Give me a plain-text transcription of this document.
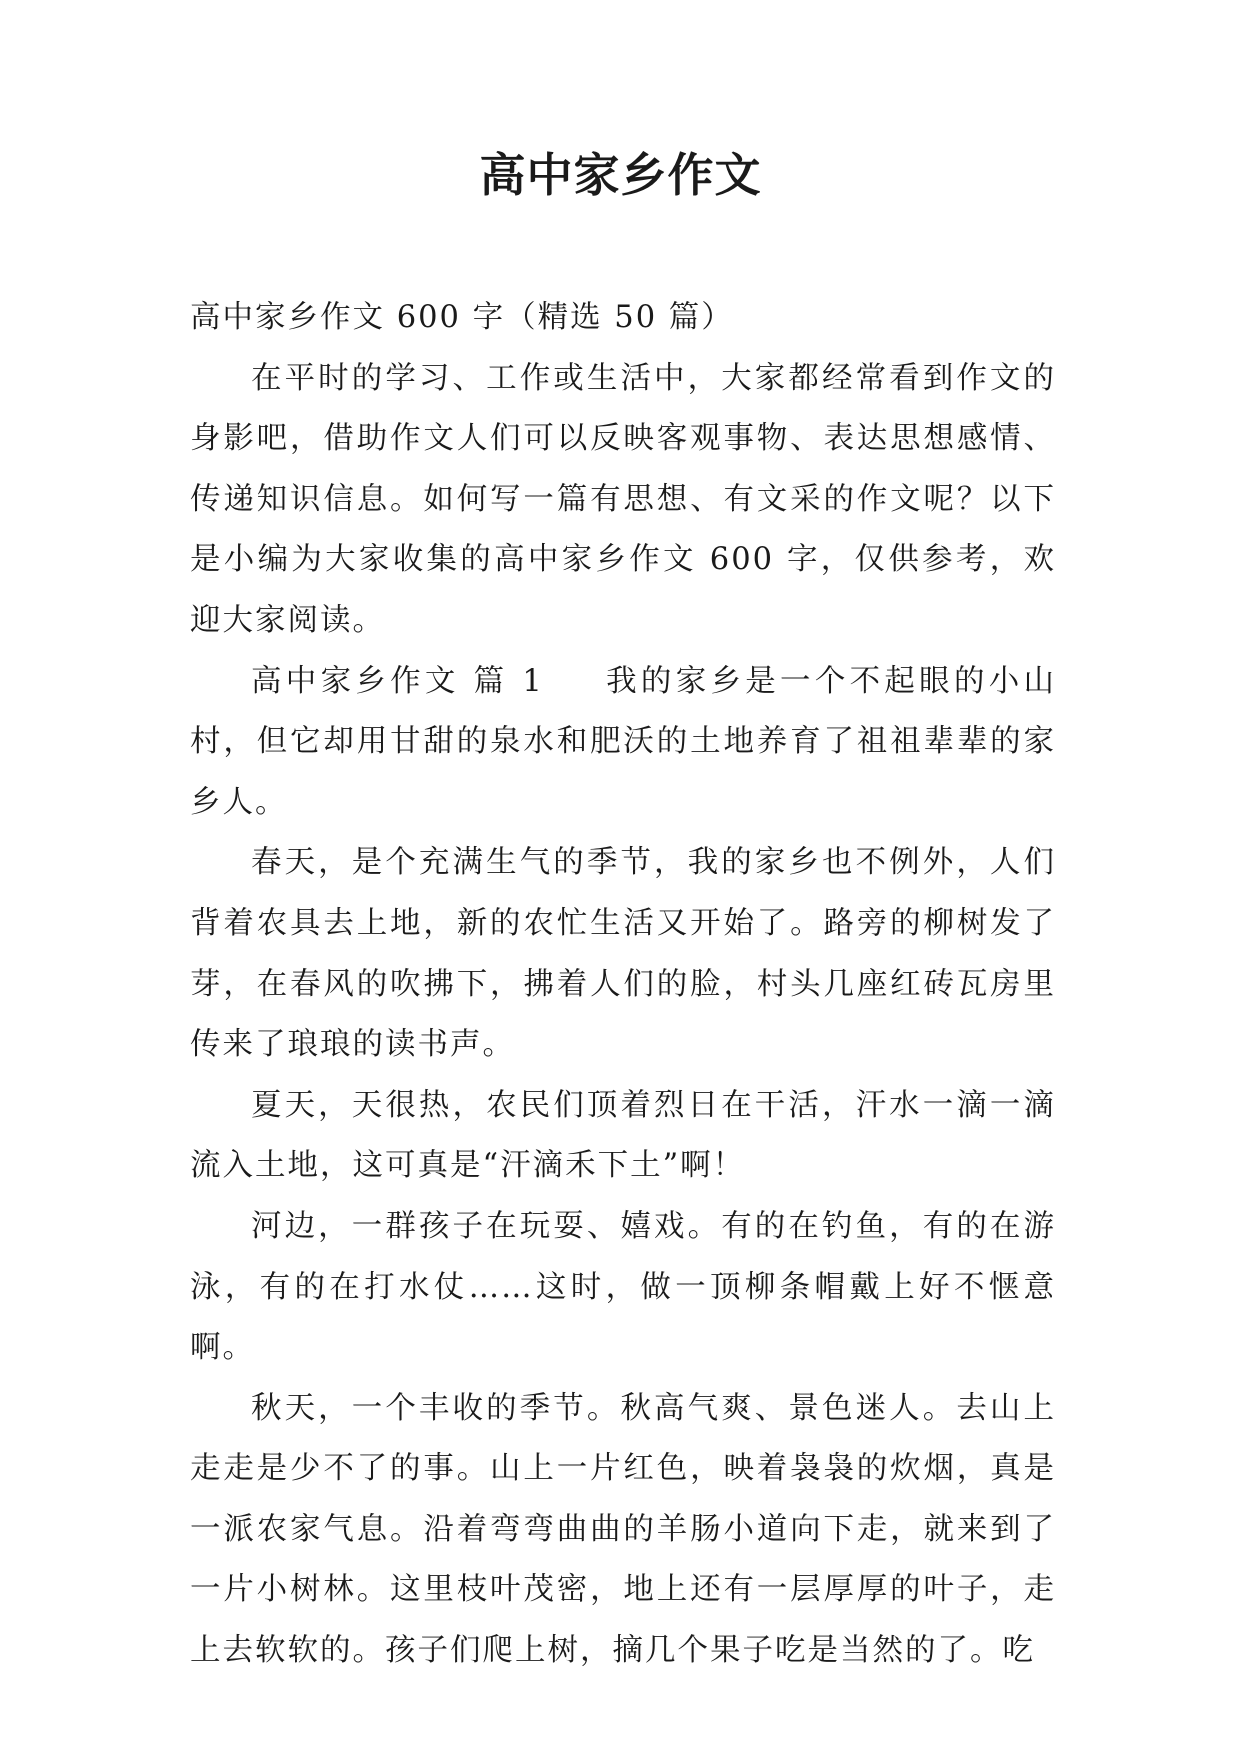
高中家乡作文

高中家乡作文 600 字（精选 50 篇）

在平时的学习、工作或生活中，大家都经常看到作文的身影吧，借助作文人们可以反映客观事物、表达思想感情、传递知识信息。如何写一篇有思想、有文采的作文呢？以下是小编为大家收集的高中家乡作文 600 字，仅供参考，欢迎大家阅读。

高中家乡作文 篇 1 我的家乡是一个不起眼的小山村，但它却用甘甜的泉水和肥沃的土地养育了祖祖辈辈的家乡人。

春天，是个充满生气的季节，我的家乡也不例外，人们背着农具去上地，新的农忙生活又开始了。路旁的柳树发了芽，在春风的吹拂下，拂着人们的脸，村头几座红砖瓦房里传来了琅琅的读书声。

夏天，天很热，农民们顶着烈日在干活，汗水一滴一滴流入土地，这可真是“汗滴禾下土”啊！

河边，一群孩子在玩耍、嬉戏。有的在钓鱼，有的在游泳，有的在打水仗……这时，做一顶柳条帽戴上好不惬意啊。

秋天，一个丰收的季节。秋高气爽、景色迷人。去山上走走是少不了的事。山上一片红色，映着袅袅的炊烟，真是一派农家气息。沿着弯弯曲曲的羊肠小道向下走，就来到了一片小树林。这里枝叶茂密，地上还有一层厚厚的叶子，走上去软软的。孩子们爬上树，摘几个果子吃是当然的了。吃
